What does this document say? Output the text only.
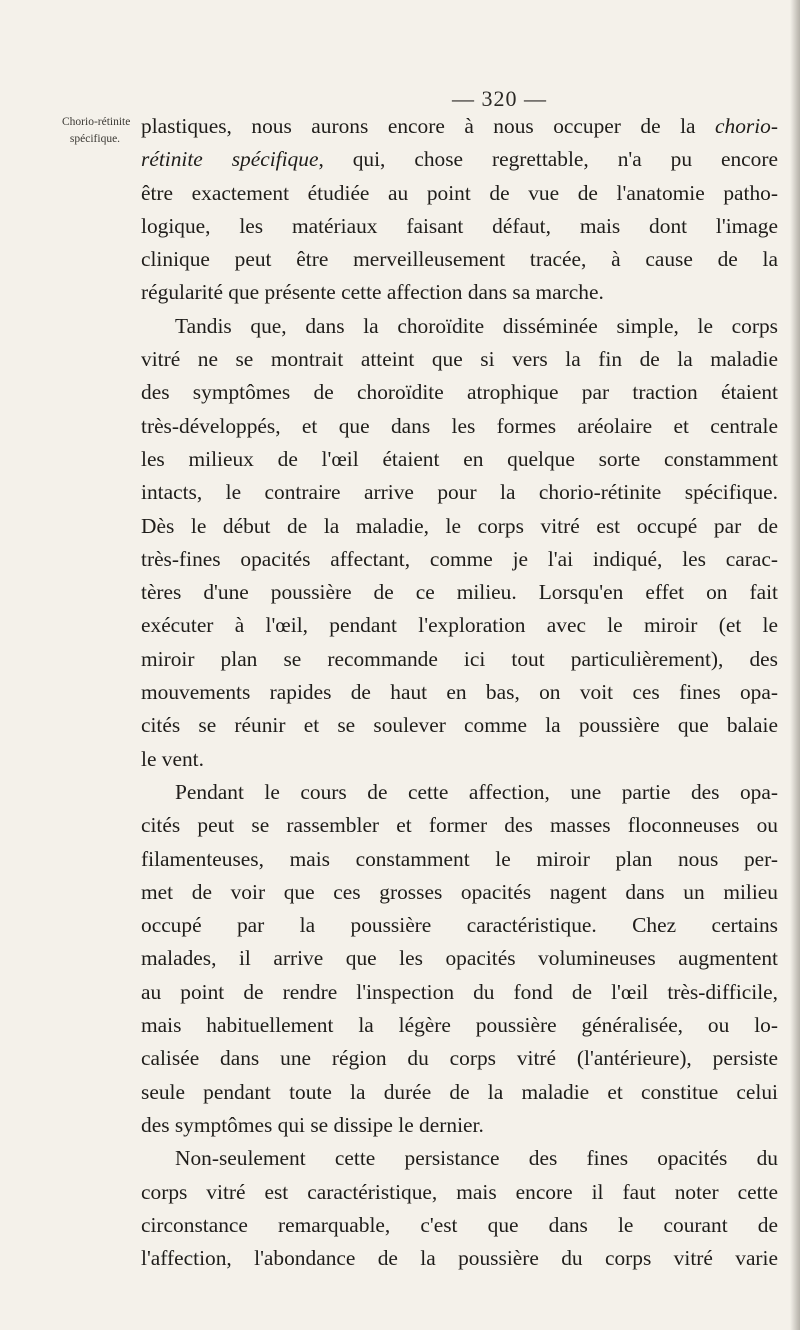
— 320 —
Chorio-rétinite
spécifique.
plastiques, nous aurons encore à nous occuper de la chorio-
rétinite spécifique, qui, chose regrettable, n'a pu encore
être exactement étudiée au point de vue de l'anatomie patho-
logique, les matériaux faisant défaut, mais dont l'image
clinique peut être merveilleusement tracée, à cause de la
régularité que présente cette affection dans sa marche.
Tandis que, dans la choroïdite disséminée simple, le corps
vitré ne se montrait atteint que si vers la fin de la maladie
des symptômes de choroïdite atrophique par traction étaient
très-développés, et que dans les formes aréolaire et centrale
les milieux de l'œil étaient en quelque sorte constamment
intacts, le contraire arrive pour la chorio-rétinite spécifique.
Dès le début de la maladie, le corps vitré est occupé par de
très-fines opacités affectant, comme je l'ai indiqué, les carac-
tères d'une poussière de ce milieu. Lorsqu'en effet on fait
exécuter à l'œil, pendant l'exploration avec le miroir (et le
miroir plan se recommande ici tout particulièrement), des
mouvements rapides de haut en bas, on voit ces fines opa-
cités se réunir et se soulever comme la poussière que balaie
le vent.
Pendant le cours de cette affection, une partie des opa-
cités peut se rassembler et former des masses floconneuses ou
filamenteuses, mais constamment le miroir plan nous per-
met de voir que ces grosses opacités nagent dans un milieu
occupé par la poussière caractéristique. Chez certains
malades, il arrive que les opacités volumineuses augmentent
au point de rendre l'inspection du fond de l'œil très-difficile,
mais habituellement la légère poussière généralisée, ou lo-
calisée dans une région du corps vitré (l'antérieure), persiste
seule pendant toute la durée de la maladie et constitue celui
des symptômes qui se dissipe le dernier.
Non-seulement cette persistance des fines opacités du
corps vitré est caractéristique, mais encore il faut noter cette
circonstance remarquable, c'est que dans le courant de
l'affection, l'abondance de la poussière du corps vitré varie
